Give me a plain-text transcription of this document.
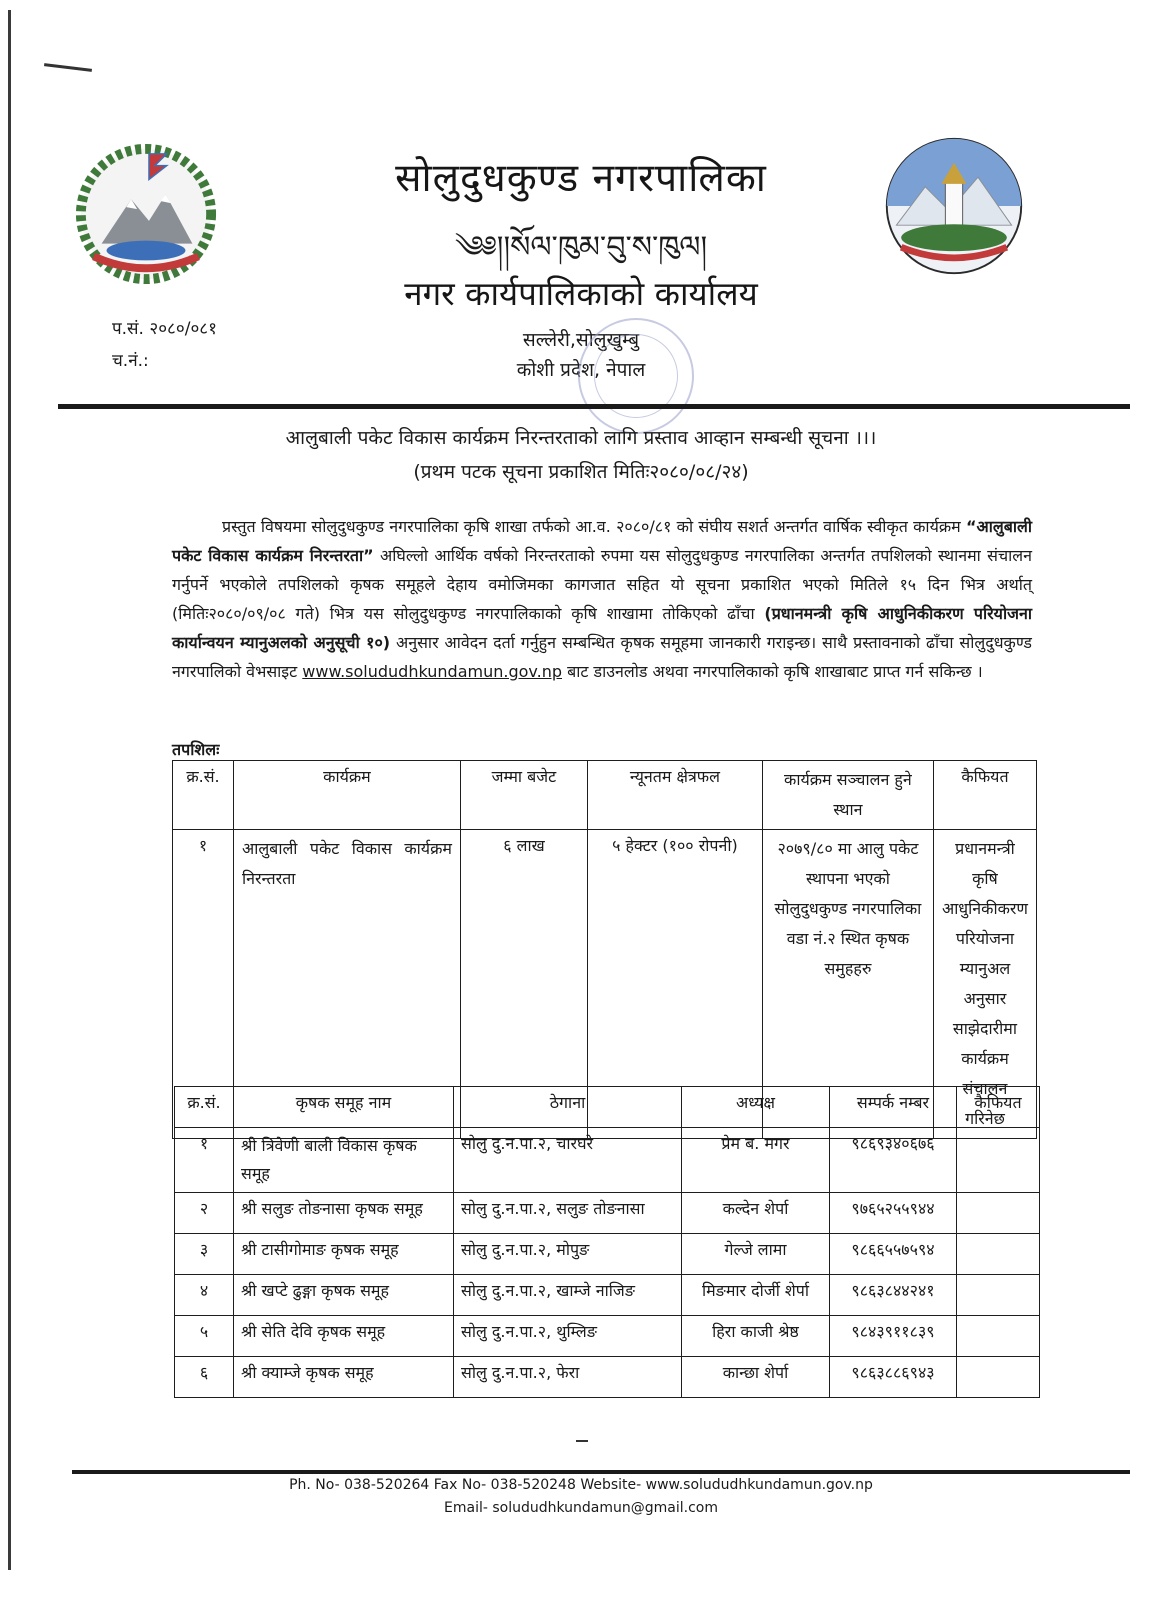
सोलुदुधकुण्ड नगरपालिका
༄༅།།སོལ་ཁུམ་བུ་ས་ཁུལ།
नगर कार्यपालिकाको कार्यालय
सल्लेरी,सोलुखुम्बु
कोशी प्रदेश, नेपाल
प.सं. २०८०/०८१
च.नं.:
आलुबाली पकेट विकास कार्यक्रम निरन्तरताको लागि प्रस्ताव आव्हान सम्बन्धी सूचना ।।।
(प्रथम पटक सूचना प्रकाशित मितिः२०८०/०८/२४)
प्रस्तुत विषयमा सोलुदुधकुण्ड नगरपालिका कृषि शाखा तर्फको आ.व. २०८०/८१ को संघीय सशर्त अन्तर्गत वार्षिक स्वीकृत कार्यक्रम “आलुबाली पकेट विकास कार्यक्रम निरन्तरता” अघिल्लो आर्थिक वर्षको निरन्तरताको रुपमा यस सोलुदुधकुण्ड नगरपालिका अन्तर्गत तपशिलको स्थानमा संचालन गर्नुपर्ने भएकोले तपशिलको कृषक समूहले देहाय वमोजिमका कागजात सहित यो सूचना प्रकाशित भएको मितिले १५ दिन भित्र अर्थात् (मितिः२०८०/०९/०८ गते) भित्र यस सोलुदुधकुण्ड नगरपालिकाको कृषि शाखामा तोकिएको ढाँचा (प्रधानमन्त्री कृषि आधुनिकीकरण परियोजना कार्यान्वयन म्यानुअलको अनुसूची १०) अनुसार आवेदन दर्ता गर्नुहुन सम्बन्धित कृषक समूहमा जानकारी गराइन्छ। साथै प्रस्तावनाको ढाँचा सोलुदुधकुण्ड नगरपालिको वेभसाइट www.solududhkundamun.gov.np बाट डाउनलोड अथवा नगरपालिकाको कृषि शाखाबाट प्राप्त गर्न सकिन्छ ।
तपशिलः
क्र.सं.	कार्यक्रम	जम्मा बजेट	न्यूनतम क्षेत्रफल	कार्यक्रम सञ्चालन हुने स्थान	कैफियत
१	आलुबाली पकेट विकास कार्यक्रम निरन्तरता	६ लाख	५ हेक्टर (१०० रोपनी)	२०७९/८० मा आलु पकेट स्थापना भएको सोलुदुधकुण्ड नगरपालिका वडा नं.२ स्थित कृषक समुहहरु	प्रधानमन्त्री कृषि आधुनिकीकरण परियोजना म्यानुअल अनुसार साझेदारीमा कार्यक्रम संचालन गरिनेछ
क्र.सं.	कृषक समूह नाम	ठेगाना	अध्यक्ष	सम्पर्क नम्बर	कैफियत
१	श्री त्रिवेणी बाली विकास कृषक समूह	सोलु दु.न.पा.२, चारघरे	प्रेम ब. मगर	९८६९३४०६७६	
२	श्री सलुङ तोङनासा कृषक समूह	सोलु दु.न.पा.२, सलुङ तोङनासा	कल्देन शेर्पा	९७६५२५५९४४	
३	श्री टासीगोमाङ कृषक समूह	सोलु दु.न.पा.२, मोपुङ	गेल्जे लामा	९८६६५५७५९४	
४	श्री खप्टे ढुङ्गा कृषक समूह	सोलु दु.न.पा.२, खाम्जे नाजिङ	मिङमार दोर्जी शेर्पा	९८६३८४४२४१	
५	श्री सेति देवि कृषक समूह	सोलु दु.न.पा.२, थुम्लिङ	हिरा काजी श्रेष्ठ	९८४३९११८३९	
६	श्री क्याम्जे कृषक समूह	सोलु दु.न.पा.२, फेरा	कान्छा शेर्पा	९८६३८८६९४३	
Ph. No- 038-520264 Fax No- 038-520248 Website- www.solududhkundamun.gov.np
Email- solududhkundamun@gmail.com
